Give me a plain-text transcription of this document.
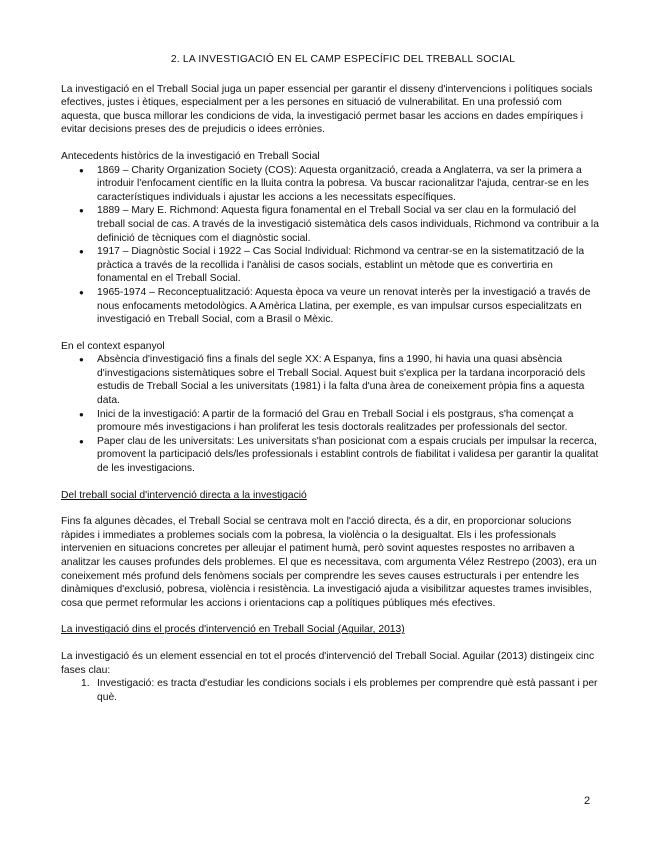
2. LA INVESTIGACIÓ EN EL CAMP ESPECÍFIC DEL TREBALL SOCIAL

La investigació en el Treball Social juga un paper essencial per garantir el disseny d'intervencions i polítiques socials efectives, justes i ètiques, especialment per a les persones en situació de vulnerabilitat. En una professió com aquesta, que busca millorar les condicions de vida, la investigació permet basar les accions en dades empíriques i evitar decisions preses des de prejudicis o idees errònies.

Antecedents històrics de la investigació en Treball Social

● 1869 – Charity Organization Society (COS): Aquesta organització, creada a Anglaterra, va ser la primera a introduir l'enfocament científic en la lluita contra la pobresa. Va buscar racionalitzar l'ajuda, centrar-se en les característiques individuals i ajustar les accions a les necessitats específiques.
● 1889 – Mary E. Richmond: Aquesta figura fonamental en el Treball Social va ser clau en la formulació del treball social de cas. A través de la investigació sistemàtica dels casos individuals, Richmond va contribuir a la definició de tècniques com el diagnòstic social.
● 1917 – Diagnòstic Social i 1922 – Cas Social Individual: Richmond va centrar-se en la sistematització de la pràctica a través de la recollida i l'anàlisi de casos socials, establint un mètode que es convertiria en fonamental en el Treball Social.
● 1965-1974 – Reconceptualització: Aquesta època va veure un renovat interès per la investigació a través de nous enfocaments metodològics. A Amèrica Llatina, per exemple, es van impulsar cursos especialitzats en investigació en Treball Social, com a Brasil o Mèxic.

En el context espanyol

● Absència d'investigació fins a finals del segle XX: A Espanya, fins a 1990, hi havia una quasi absència d'investigacions sistemàtiques sobre el Treball Social. Aquest buit s'explica per la tardana incorporació dels estudis de Treball Social a les universitats (1981) i la falta d'una àrea de coneixement pròpia fins a aquesta data.
● Inici de la investigació: A partir de la formació del Grau en Treball Social i els postgraus, s'ha començat a promoure més investigacions i han proliferat les tesis doctorals realitzades per professionals del sector.
● Paper clau de les universitats: Les universitats s'han posicionat com a espais crucials per impulsar la recerca, promovent la participació dels/les professionals i establint controls de fiabilitat i validesa per garantir la qualitat de les investigacions.

Del treball social d'intervenció directa a la investigació

Fins fa algunes dècades, el Treball Social se centrava molt en l'acció directa, és a dir, en proporcionar solucions ràpides i immediates a problemes socials com la pobresa, la violència o la desigualtat. Els i les professionals intervenien en situacions concretes per alleujar el patiment humà, però sovint aquestes respostes no arribaven a analitzar les causes profundes dels problemes. El que es necessitava, com argumenta Vélez Restrepo (2003), era un coneixement més profund dels fenòmens socials per comprendre les seves causes estructurals i per entendre les dinàmiques d'exclusió, pobresa, violència i resistència. La investigació ajuda a visibilitzar aquestes trames invisibles, cosa que permet reformular les accions i orientacions cap a polítiques públiques més efectives.

La investigació dins el procés d'intervenció en Treball Social (Aguilar, 2013)

La investigació és un element essencial en tot el procés d'intervenció del Treball Social. Aguilar (2013) distingeix cinc fases clau:

1. Investigació: es tracta d'estudiar les condicions socials i els problemes per comprendre què està passant i per què.
2
